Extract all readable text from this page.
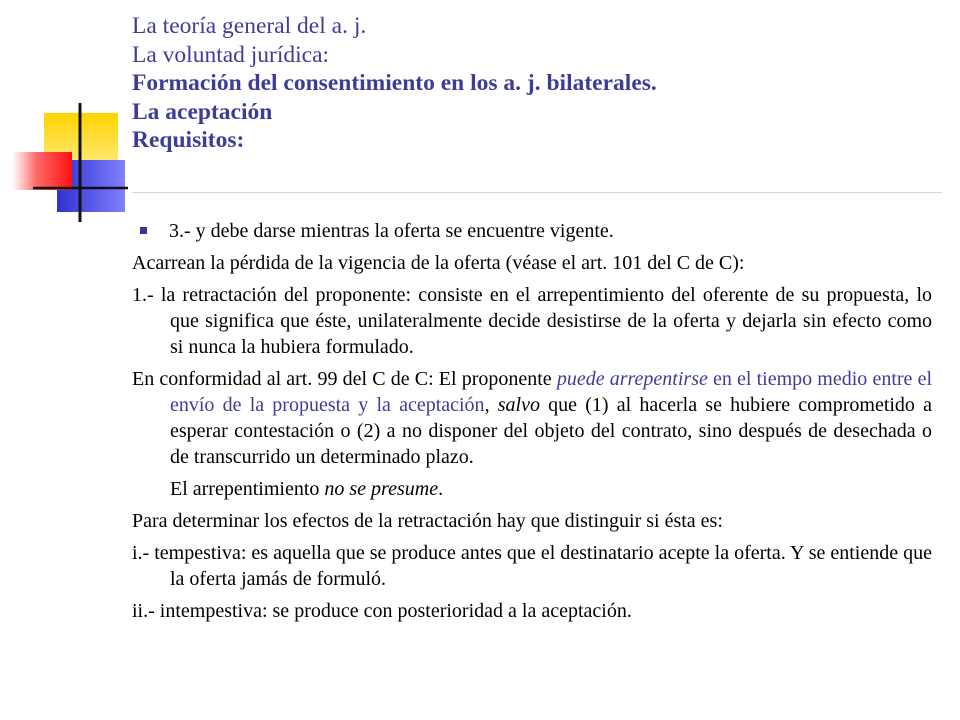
La teoría general del a. j.
La voluntad jurídica:
Formación del consentimiento en los a. j. bilaterales.
La aceptación
Requisitos:
3.- y debe darse mientras la oferta se encuentre vigente.
Acarrean la pérdida de la vigencia de la oferta (véase el art. 101 del C de C):
1.- la retractación del proponente: consiste en el arrepentimiento del oferente de su propuesta, lo que significa que éste, unilateralmente decide desistirse de la oferta y dejarla sin efecto como si nunca la hubiera formulado.
En conformidad al art. 99 del C de C: El proponente puede arrepentirse en el tiempo medio entre el envío de la propuesta y la aceptación, salvo que (1) al hacerla se hubiere comprometido a esperar contestación o (2) a no disponer del objeto del contrato, sino después de desechada o de transcurrido un determinado plazo.
El arrepentimiento no se presume.
Para determinar los efectos de la retractación hay que distinguir si ésta es:
i.- tempestiva: es aquella que se produce antes que el destinatario acepte la oferta. Y se entiende que la oferta jamás de formuló.
ii.- intempestiva: se produce con posterioridad a la aceptación.
